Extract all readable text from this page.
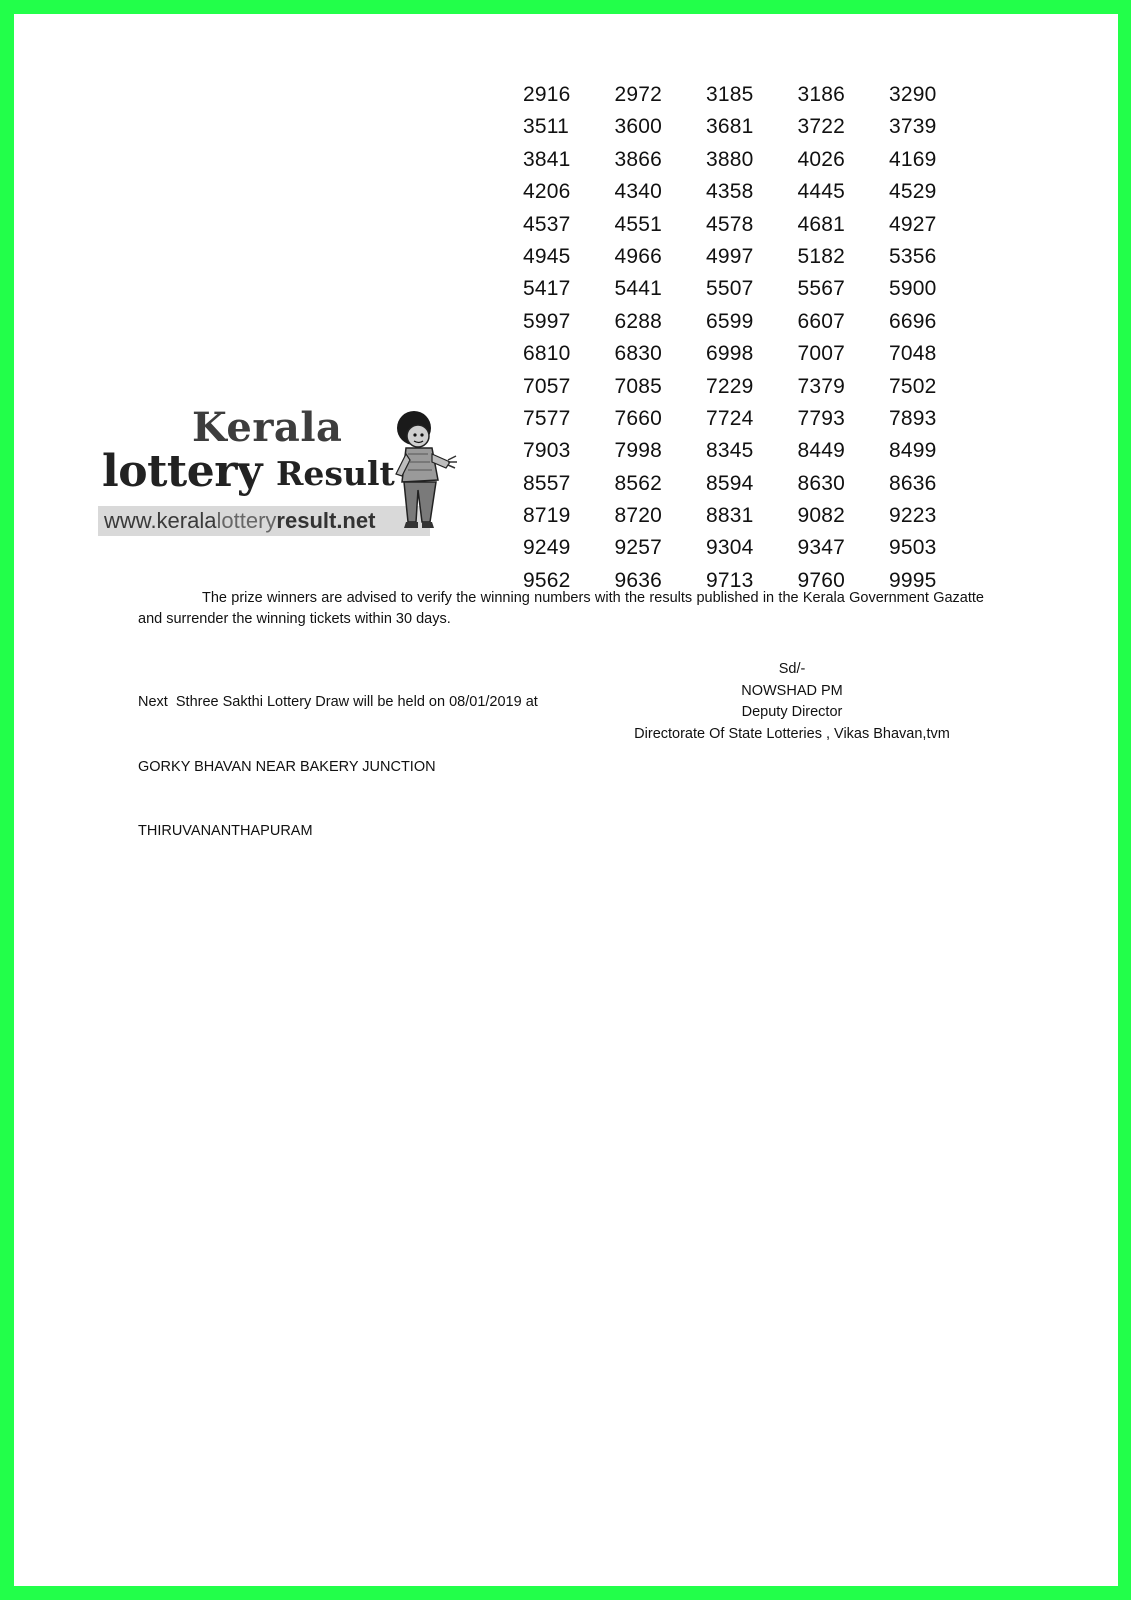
2916	2972	3185	3186	3290
3511	3600	3681	3722	3739
3841	3866	3880	4026	4169
4206	4340	4358	4445	4529
4537	4551	4578	4681	4927
4945	4966	4997	5182	5356
5417	5441	5507	5567	5900
5997	6288	6599	6607	6696
6810	6830	6998	7007	7048
7057	7085	7229	7379	7502
7577	7660	7724	7793	7893
7903	7998	8345	8449	8499
8557	8562	8594	8630	8636
8719	8720	8831	9082	9223
9249	9257	9304	9347	9503
9562	9636	9713	9760	9995
Kerala
lottery Result
www.keralalotteryresult.net
The prize winners are advised to verify the winning numbers with the results published in the Kerala Government Gazatte and surrender the winning tickets within 30 days.

Next  Sthree Sakthi Lottery Draw will be held on 08/01/2019 at

GORKY BHAVAN NEAR BAKERY JUNCTION

THIRUVANANTHAPURAM

Sd/-
NOWSHAD PM
Deputy Director
Directorate Of State Lotteries , Vikas Bhavan,tvm
